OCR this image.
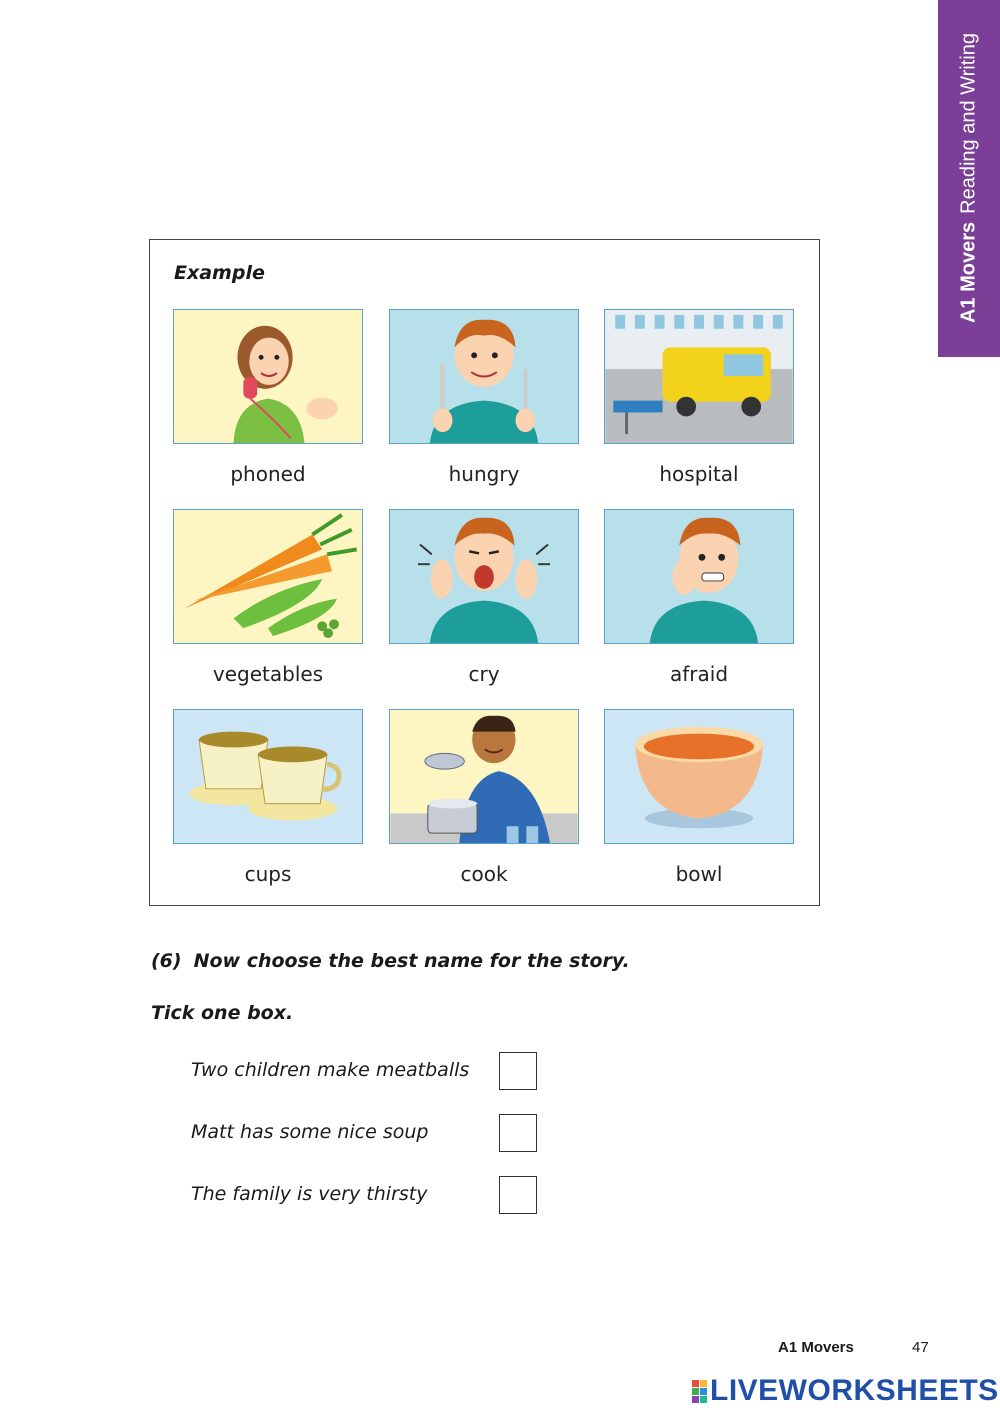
A1 MoversReading and Writing
Example
phoned	hungry	hospital
vegetables	cry	afraid
cups	cook	bowl
(6) Now choose the best name for the story.
Tick one box.
Two children make meatballs
Matt has some nice soup
The family is very thirsty
A1 Movers	47
LIVEWORKSHEETS
